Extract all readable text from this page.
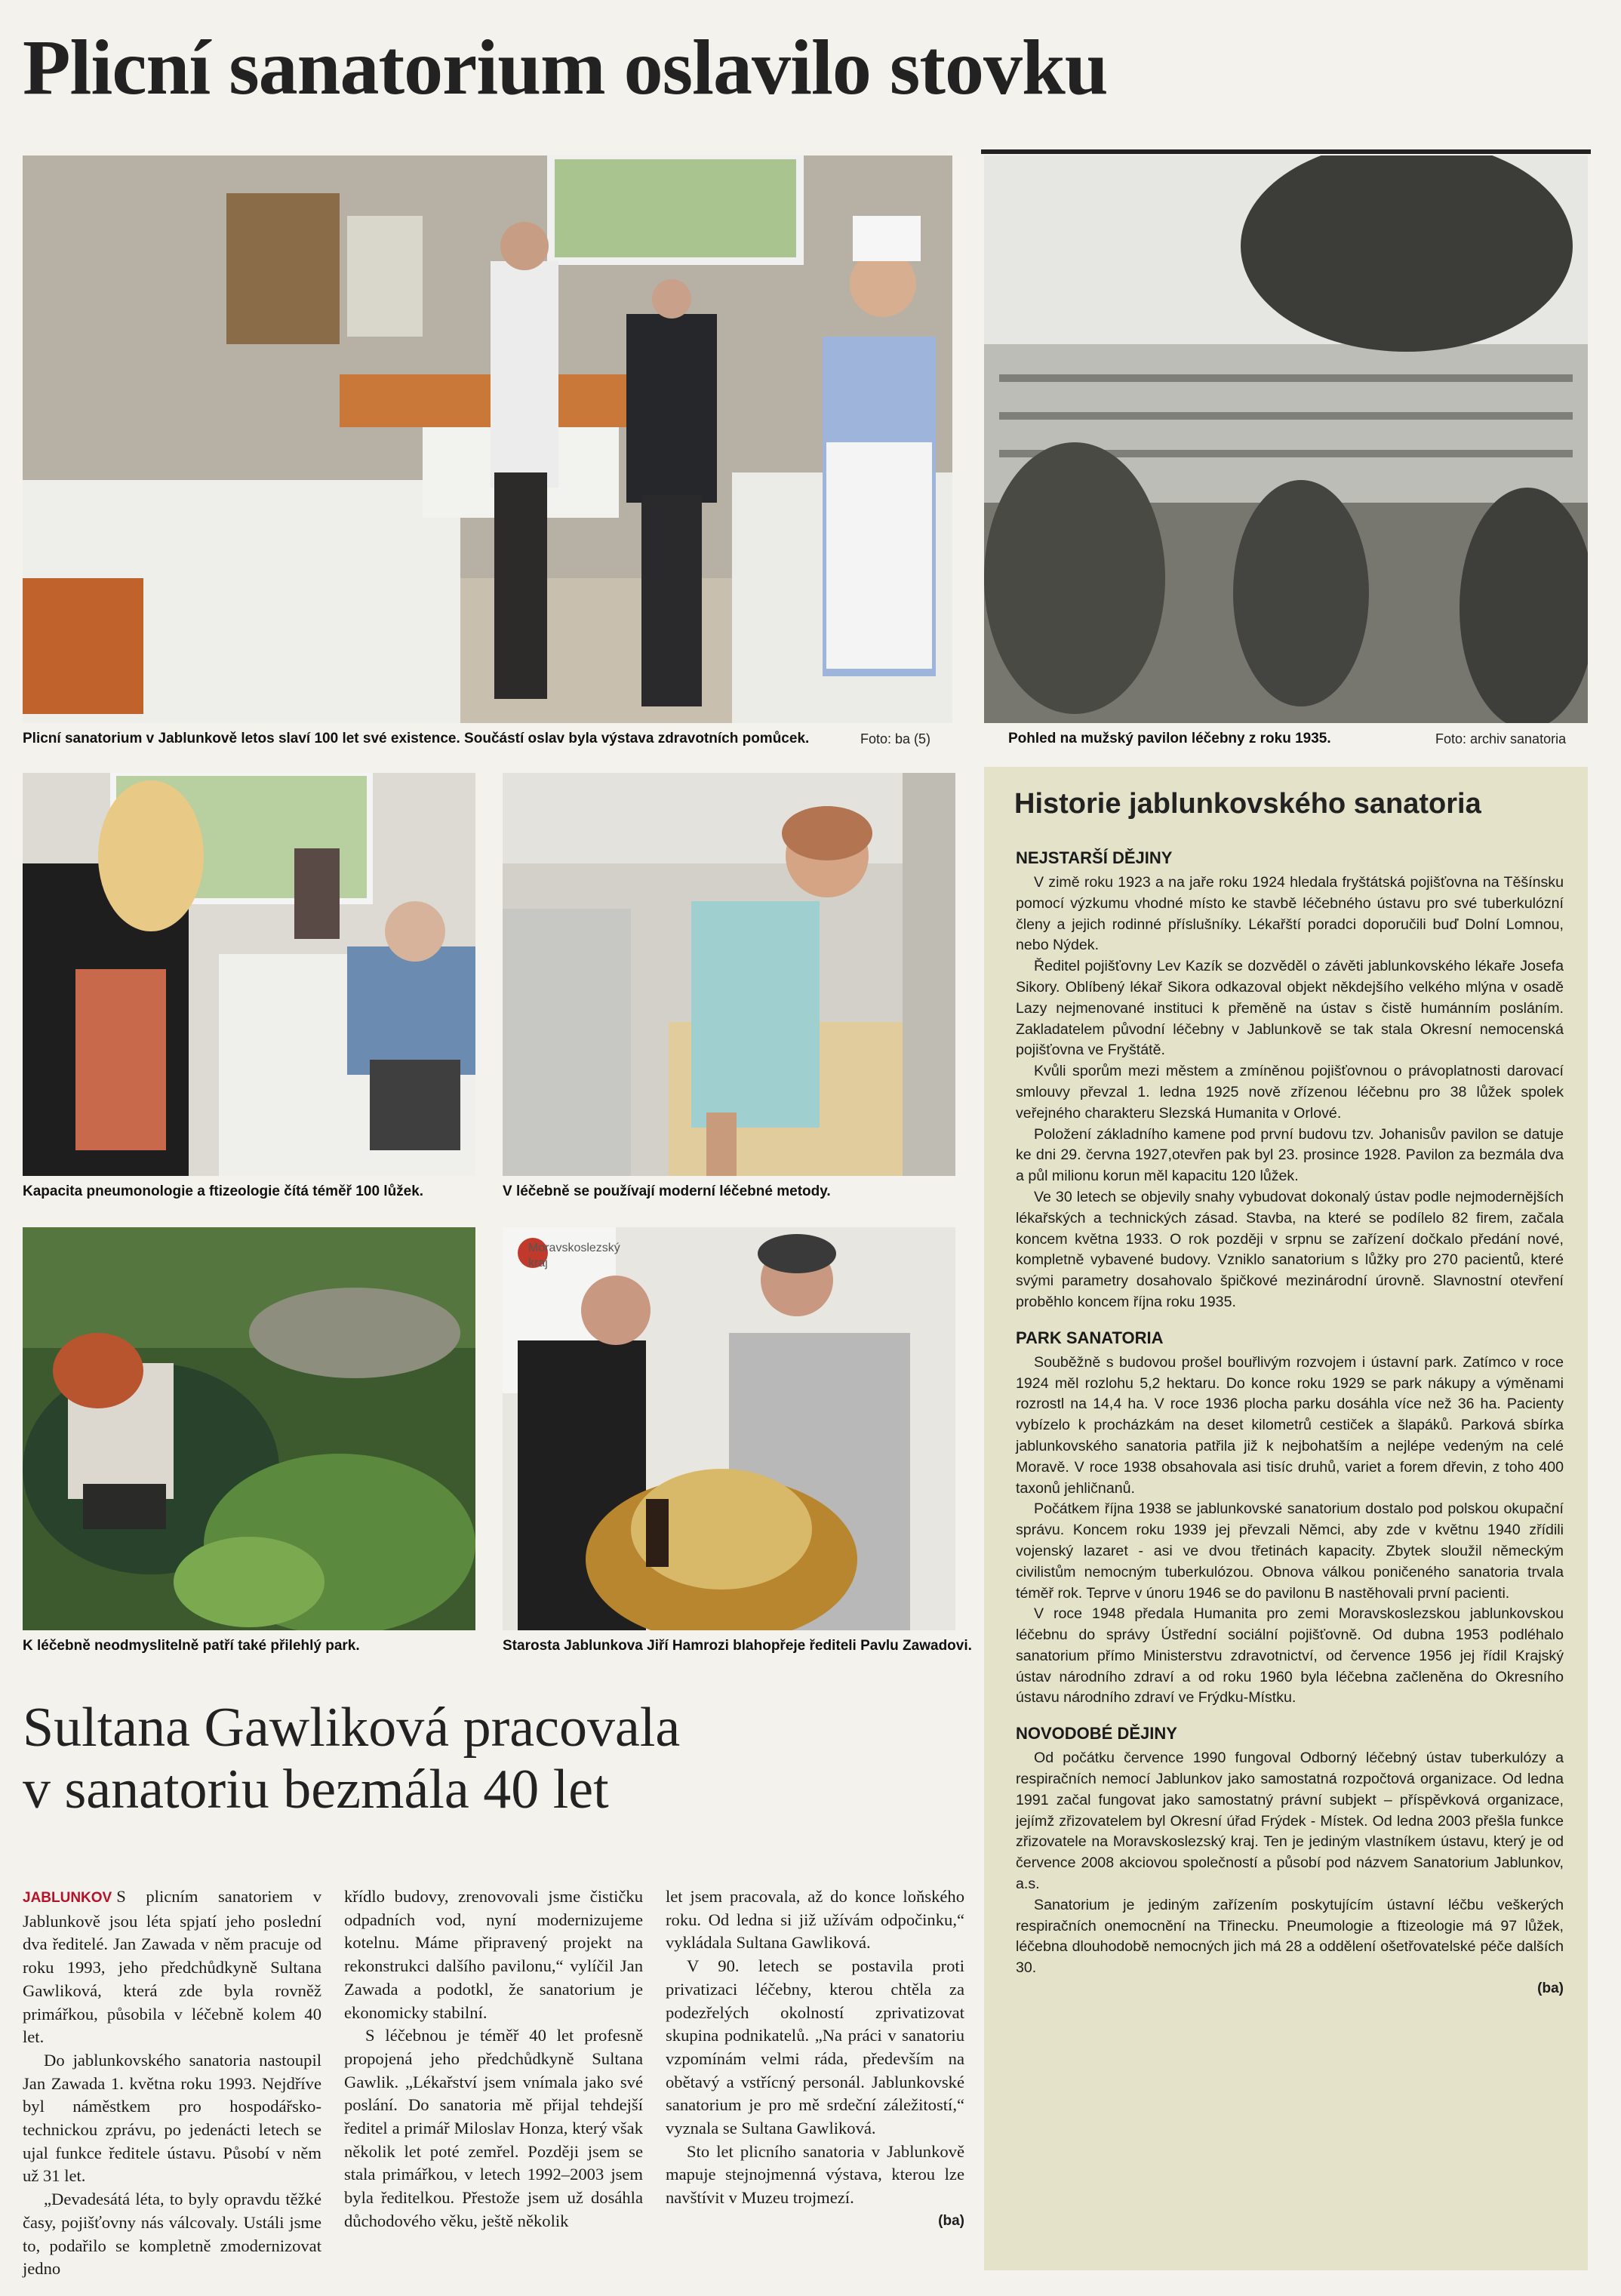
Plicní sanatorium oslavilo stovku
Plicní sanatorium v Jablunkově letos slaví 100 let své existence. Součástí oslav byla výstava zdravotních pomůcek.	Foto: ba (5)	Pohled na mužský pavilon léčebny z roku 1935.	Foto: archiv sanatoria
Kapacita pneumonologie a ftizeologie čítá téměř 100 lůžek.	V léčebně se používají moderní léčebné metody.
K léčebně neodmyslitelně patří také přilehlý park.
Moravskoslezský kraj
Starosta Jablunkova Jiří Hamrozi blahopřeje řediteli Pavlu Zawadovi.
Historie jablunkovského sanatoria
NEJSTARŠÍ DĚJINY

V zimě roku 1923 a na jaře roku 1924 hledala fryštátská pojišťovna na Těšínsku pomocí výzkumu vhodné místo ke stavbě léčebného ústavu pro své tuberkulózní členy a jejich rodinné příslušníky. Lékařští poradci doporučili buď Dolní Lomnou, nebo Nýdek.

Ředitel pojišťovny Lev Kazík se dozvěděl o závěti jablunkovského lékaře Josefa Sikory. Oblíbený lékař Sikora odkazoval objekt někdejšího velkého mlýna v osadě Lazy nejmenované instituci k přeměně na ústav s čistě humánním posláním. Zakladatelem původní léčebny v Jablunkově se tak stala Okresní nemocenská pojišťovna ve Fryštátě.

Kvůli sporům mezi městem a zmíněnou pojišťovnou o právoplatnosti darovací smlouvy převzal 1. ledna 1925 nově zřízenou léčebnu pro 38 lůžek spolek veřejného charakteru Slezská Humanita v Orlové.

Položení základního kamene pod první budovu tzv. Johanisův pavilon se datuje ke dni 29. června 1927,otevřen pak byl 23. prosince 1928. Pavilon za bezmála dva a půl milionu korun měl kapacitu 120 lůžek.

Ve 30 letech se objevily snahy vybudovat dokonalý ústav podle nejmodernějších lékařských a technických zásad. Stavba, na které se podílelo 82 firem, začala koncem května 1933. O rok později v srpnu se zařízení dočkalo předání nové, kompletně vybavené budovy. Vzniklo sanatorium s lůžky pro 270 pacientů, které svými parametry dosahovalo špičkové mezinárodní úrovně. Slavnostní otevření proběhlo koncem října roku 1935.

PARK SANATORIA

Souběžně s budovou prošel bouřlivým rozvojem i ústavní park. Zatímco v roce 1924 měl rozlohu 5,2 hektaru. Do konce roku 1929 se park nákupy a výměnami rozrostl na 14,4 ha. V roce 1936 plocha parku dosáhla více než 36 ha. Pacienty vybízelo k procházkám na deset kilometrů cestiček a šlapáků. Parková sbírka jablunkovského sanatoria patřila již k nejbohatším a nejlépe vedeným na celé Moravě. V roce 1938 obsahovala asi tisíc druhů, variet a forem dřevin, z toho 400 taxonů jehličnanů.

Počátkem října 1938 se jablunkovské sanatorium dostalo pod polskou okupační správu. Koncem roku 1939 jej převzali Němci, aby zde v květnu 1940 zřídili vojenský lazaret - asi ve dvou třetinách kapacity. Zbytek sloužil německým civilistům nemocným tuberkulózou. Obnova válkou poničeného sanatoria trvala téměř rok. Teprve v únoru 1946 se do pavilonu B nastěhovali první pacienti.

V roce 1948 předala Humanita pro zemi Moravskoslezskou jablunkovskou léčebnu do správy Ústřední sociální pojišťovně. Od dubna 1953 podléhalo sanatorium přímo Ministerstvu zdravotnictví, od července 1956 jej řídil Krajský ústav národního zdraví a od roku 1960 byla léčebna začleněna do Okresního ústavu národního zdraví ve Frýdku-Místku.

NOVODOBÉ DĚJINY

Od počátku července 1990 fungoval Odborný léčebný ústav tuberkulózy a respiračních nemocí Jablunkov jako samostatná rozpočtová organizace. Od ledna 1991 začal fungovat jako samostatný právní subjekt – příspěvková organizace, jejímž zřizovatelem byl Okresní úřad Frýdek - Místek. Od ledna 2003 přešla funkce zřizovatele na Moravskoslezský kraj. Ten je jediným vlastníkem ústavu, který je od července 2008 akciovou společností a působí pod názvem Sanatorium Jablunkov, a.s.

Sanatorium je jediným zařízením poskytujícím ústavní léčbu veškerých respiračních onemocnění na Třinecku. Pneumologie a ftizeologie má 97 lůžek, léčebna dlouhodobě nemocných jich má 28 a oddělení ošetřovatelské péče dalších 30.

(ba)
Sultana Gawliková pracovala
v sanatoriu bezmála 40 let

JABLUNKOV S plicním sanatoriem v Jablunkově jsou léta spjatí jeho poslední dva ředitelé. Jan Zawada v něm pracuje od roku 1993, jeho předchůdkyně Sultana Gawliková, která zde byla rovněž primářkou, působila v léčebně kolem 40 let.

Do jablunkovského sanatoria nastoupil Jan Zawada 1. května roku 1993. Nejdříve byl náměstkem pro hospodářsko-technickou zprávu, po jedenácti letech se ujal funkce ředitele ústavu. Působí v něm už 31 let.

„Devadesátá léta, to byly opravdu těžké časy, pojišťovny nás válcovaly. Ustáli jsme to, podařilo se kompletně zmodernizovat jedno

křídlo budovy, zrenovovali jsme čističku odpadních vod, nyní modernizujeme kotelnu. Máme připravený projekt na rekonstrukci dalšího pavilonu,“ vylíčil Jan Zawada a podotkl, že sanatorium je ekonomicky stabilní.

S léčebnou je téměř 40 let profesně propojená jeho předchůdkyně Sultana Gawlik. „Lékařství jsem vnímala jako své poslání. Do sanatoria mě přijal tehdejší ředitel a primář Miloslav Honza, který však několik let poté zemřel. Později jsem se stala primářkou, v letech 1992–2003 jsem byla ředitelkou. Přestože jsem už dosáhla důchodového věku, ještě několik

let jsem pracovala, až do konce loňského roku. Od ledna si již užívám odpočinku,“ vykládala Sultana Gawliková.

V 90. letech se postavila proti privatizaci léčebny, kterou chtěla za podezřelých okolností zprivatizovat skupina podnikatelů. „Na práci v sanatoriu vzpomínám velmi ráda, především na obětavý a vstřícný personál. Jablunkovské sanatorium je pro mě srdeční záležitostí,“ vyznala se Sultana Gawliková.

Sto let plicního sanatoria v Jablunkově mapuje stejnojmenná výstava, kterou lze navštívit v Muzeu trojmezí.

(ba)
